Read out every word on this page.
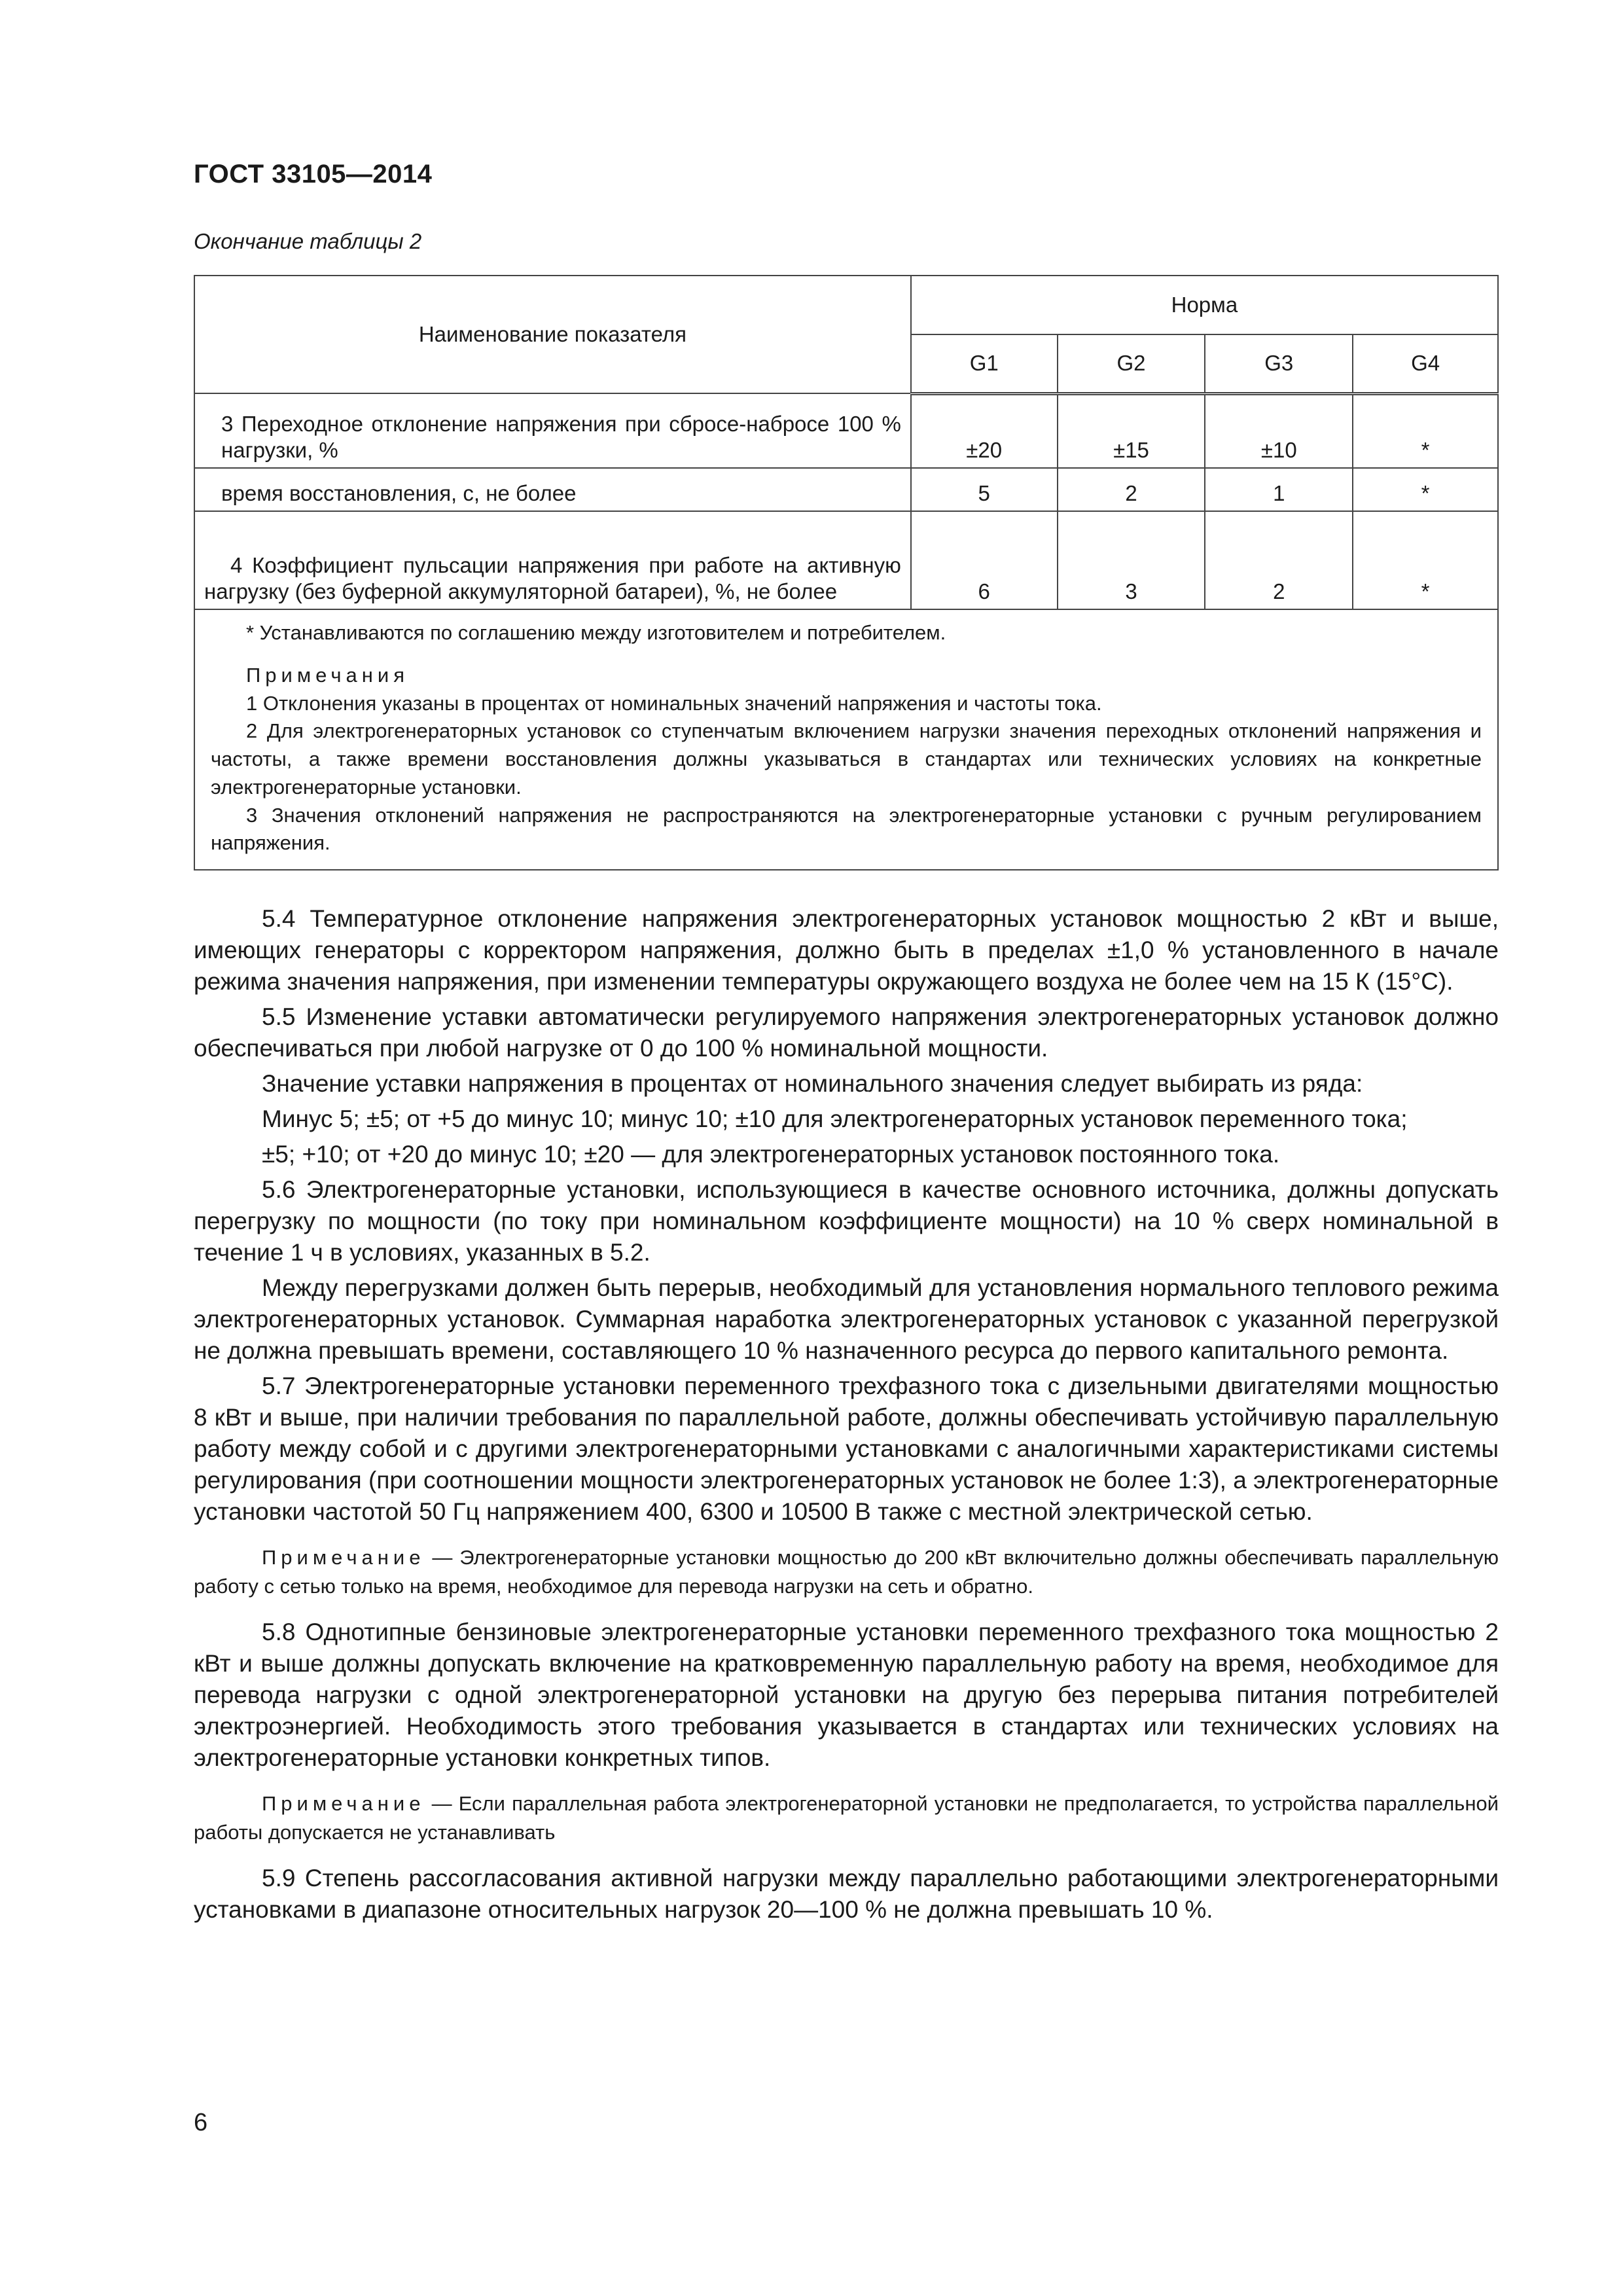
ГОСТ 33105—2014
Окончание таблицы 2
Наименование показателя	Норма			
	G1	G2	G3	G4
3 Переходное отклонение напряжения при сбросе-набросе 100 % нагрузки, %	±20	±15	±10	*
время восстановления, с, не более	5	2	1	*
4 Коэффициент пульсации напряжения при работе на активную нагрузку (без буферной аккумуляторной батареи), %, не более	6	3	2	*

* Устанавливаются по соглашению между изготовителем и потребителем.

Примечания

1 Отклонения указаны в процентах от номинальных значений напряжения и частоты тока.

2 Для электрогенераторных установок со ступенчатым включением нагрузки значения переходных отклонений напряжения и частоты, а также времени восстановления должны указываться в стандартах или технических условиях на конкретные электрогенераторные установки.

3 Значения отклонений напряжения не распространяются на электрогенераторные установки с ручным регулированием напряжения.				

5.4 Температурное отклонение напряжения электрогенераторных установок мощностью 2 кВт и выше, имеющих генераторы с корректором напряжения, должно быть в пределах ±1,0 % установленного в начале режима значения напряжения, при изменении температуры окружающего воздуха не более чем на 15 К (15°С).

5.5 Изменение уставки автоматически регулируемого напряжения электрогенераторных установок должно обеспечиваться при любой нагрузке от 0 до 100 % номинальной мощности.

Значение уставки напряжения в процентах от номинального значения следует выбирать из ряда:

Минус 5; ±5; от +5 до минус 10; минус 10; ±10 для электрогенераторных установок переменного тока;

±5; +10; от +20 до минус 10; ±20 — для электрогенераторных установок постоянного тока.

5.6 Электрогенераторные установки, использующиеся в качестве основного источника, должны допускать перегрузку по мощности (по току при номинальном коэффициенте мощности) на 10 % сверх номинальной в течение 1 ч в условиях, указанных в 5.2.

Между перегрузками должен быть перерыв, необходимый для установления нормального теплового режима электрогенераторных установок. Суммарная наработка электрогенераторных установок с указанной перегрузкой не должна превышать времени, составляющего 10 % назначенного ресурса до первого капитального ремонта.

5.7 Электрогенераторные установки переменного трехфазного тока с дизельными двигателями мощностью 8 кВт и выше, при наличии требования по параллельной работе, должны обеспечивать устойчивую параллельную работу между собой и с другими электрогенераторными установками с аналогичными характеристиками системы регулирования (при соотношении мощности электрогенераторных установок не более 1:3), а электрогенераторные установки частотой 50 Гц напряжением 400, 6300 и 10500 В также с местной электрической сетью.

Примечание — Электрогенераторные установки мощностью до 200 кВт включительно должны обеспечивать параллельную работу с сетью только на время, необходимое для перевода нагрузки на сеть и обратно.

5.8 Однотипные бензиновые электрогенераторные установки переменного трехфазного тока мощностью 2 кВт и выше должны допускать включение на кратковременную параллельную работу на время, необходимое для перевода нагрузки с одной электрогенераторной установки на другую без перерыва питания потребителей электроэнергией. Необходимость этого требования указывается в стандартах или технических условиях на электрогенераторные установки конкретных типов.

Примечание — Если параллельная работа электрогенераторной установки не предполагается, то устройства параллельной работы допускается не устанавливать

5.9 Степень рассогласования активной нагрузки между параллельно работающими электрогенераторными установками в диапазоне относительных нагрузок 20—100 % не должна превышать 10 %.

6
